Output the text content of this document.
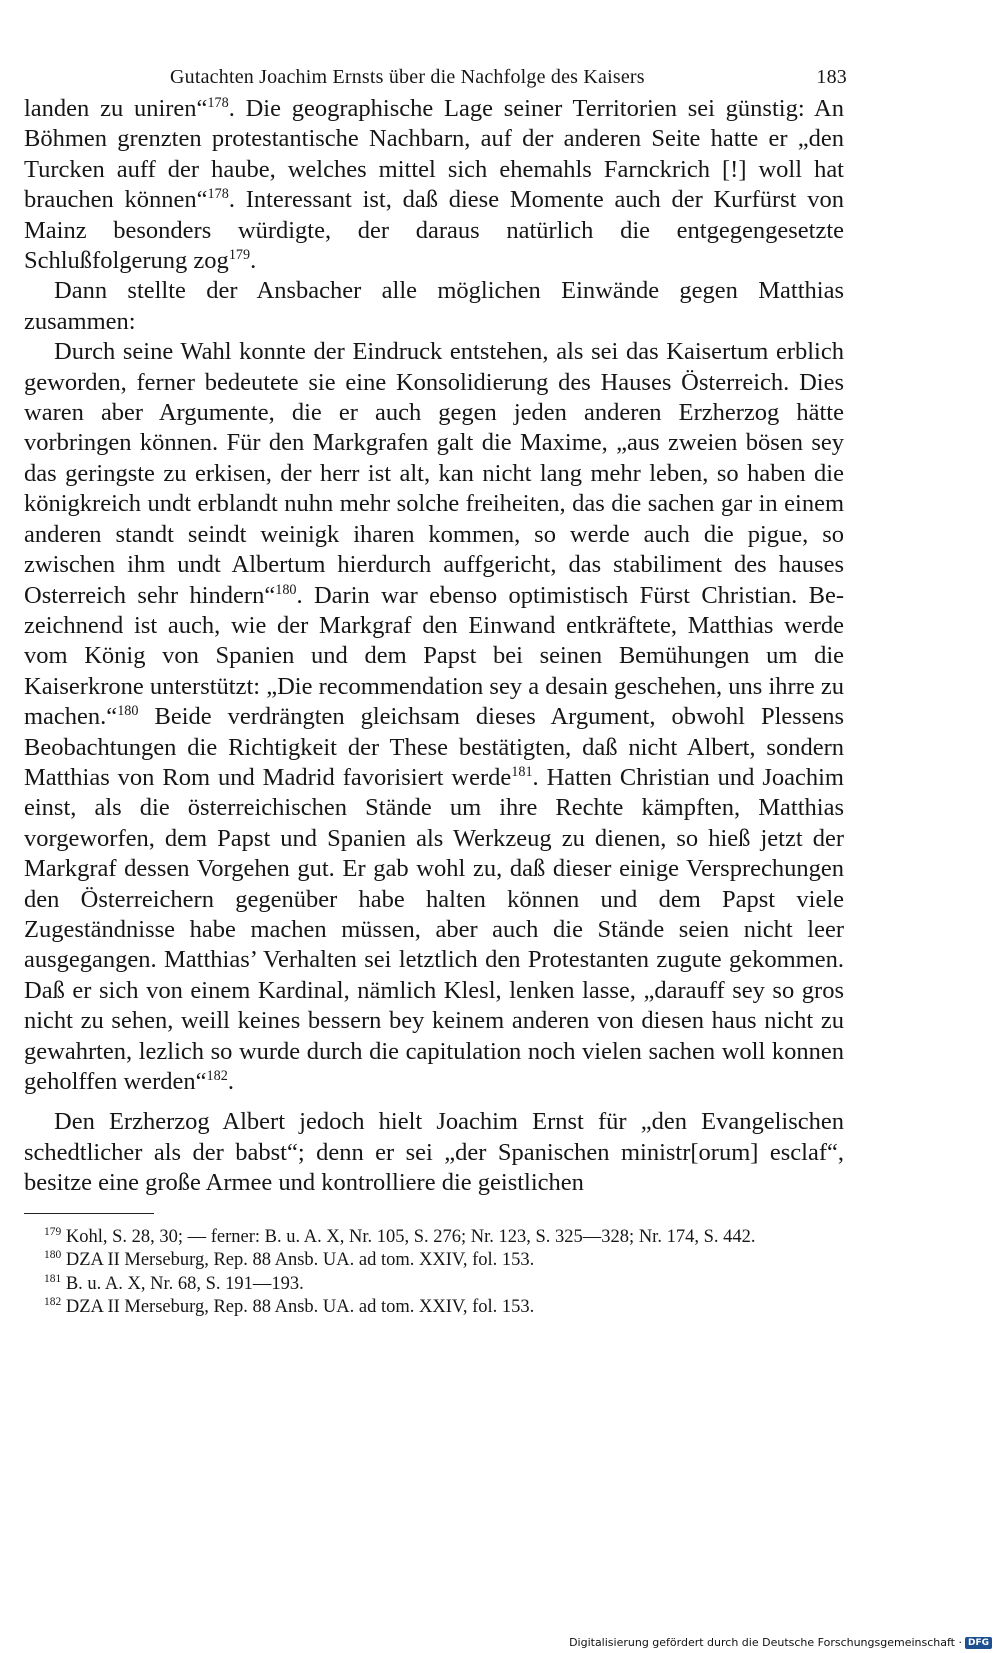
Gutachten Joachim Ernsts über die Nachfolge des Kaisers	183

landen zu uniren“$^{178}$. Die geographische Lage seiner Territorien sei günstig: An Böhmen grenzten protestantische Nachbarn, auf der anderen Seite hatte er „den Turcken auff der haube, welches mittel sich ehemahls Farnckrich [!] woll hat brauchen können“$^{178}$. Interessant ist, daß diese Momente auch der Kurfürst von Mainz besonders würdigte, der daraus natürlich die entgegengesetzte Schlußfolgerung zog$^{179}$.

Dann stellte der Ansbacher alle möglichen Einwände gegen Matthias zusammen:

Durch seine Wahl konnte der Eindruck entstehen, als sei das Kaisertum erblich geworden, ferner bedeutete sie eine Konsolidierung des Hauses Österreich. Dies waren aber Argumente, die er auch gegen jeden anderen Erzherzog hätte vorbringen können. Für den Markgrafen galt die Maxime, „aus zweien bösen sey das geringste zu erkisen, der herr ist alt, kan nicht lang mehr leben, so haben die königkreich undt erblandt nuhn mehr solche freiheiten, das die sachen gar in einem anderen standt seindt weinigk iharen kommen, so werde auch die pigue, so zwischen ihm undt Albertum hierdurch auffgericht, das stabiliment des hauses Osterreich sehr hindern“$^{180}$. Darin war ebenso optimistisch Fürst Christian. Bezeichnend ist auch, wie der Markgraf den Einwand entkräftete, Matthias werde vom König von Spanien und dem Papst bei seinen Bemühungen um die Kaiserkrone unterstützt: „Die recommendation sey a desain geschehen, uns ihrre zu machen.“$^{180}$ Beide verdrängten gleichsam dieses Argument, obwohl Plessens Beobachtungen die Richtigkeit der These bestätigten, daß nicht Albert, sondern Matthias von Rom und Madrid favorisiert werde$^{181}$. Hatten Christian und Joachim einst, als die österreichischen Stände um ihre Rechte kämpften, Matthias vorgeworfen, dem Papst und Spanien als Werkzeug zu dienen, so hieß jetzt der Markgraf dessen Vorgehen gut. Er gab wohl zu, daß dieser einige Versprechungen den Österreichern gegenüber habe halten können und dem Papst viele Zugeständnisse habe machen müssen, aber auch die Stände seien nicht leer ausgegangen. Matthias’ Verhalten sei letztlich den Protestanten zugute gekommen. Daß er sich von einem Kardinal, nämlich Klesl, lenken lasse, „darauff sey so gros nicht zu sehen, weill keines bessern bey keinem anderen von diesen haus nicht zu gewahrten, lezlich so wurde durch die capitulation noch vielen sachen woll konnen geholffen werden“$^{182}$.

Den Erzherzog Albert jedoch hielt Joachim Ernst für „den Evangelischen schedtlicher als der babst“; denn er sei „der Spanischen ministr[orum] esclaf“, besitze eine große Armee und kontrolliere die geistlichen

$^{179}$ Kohl, S. 28, 30; — ferner: B. u. A. X, Nr. 105, S. 276; Nr. 123, S. 325—328; Nr. 174, S. 442.

$^{180}$ DZA II Merseburg, Rep. 88 Ansb. UA. ad tom. XXIV, fol. 153.

$^{181}$ B. u. A. X, Nr. 68, S. 191—193.

$^{182}$ DZA II Merseburg, Rep. 88 Ansb. UA. ad tom. XXIV, fol. 153.

Digitalisierung gefördert durch die Deutsche Forschungsgemeinschaft · DFG
